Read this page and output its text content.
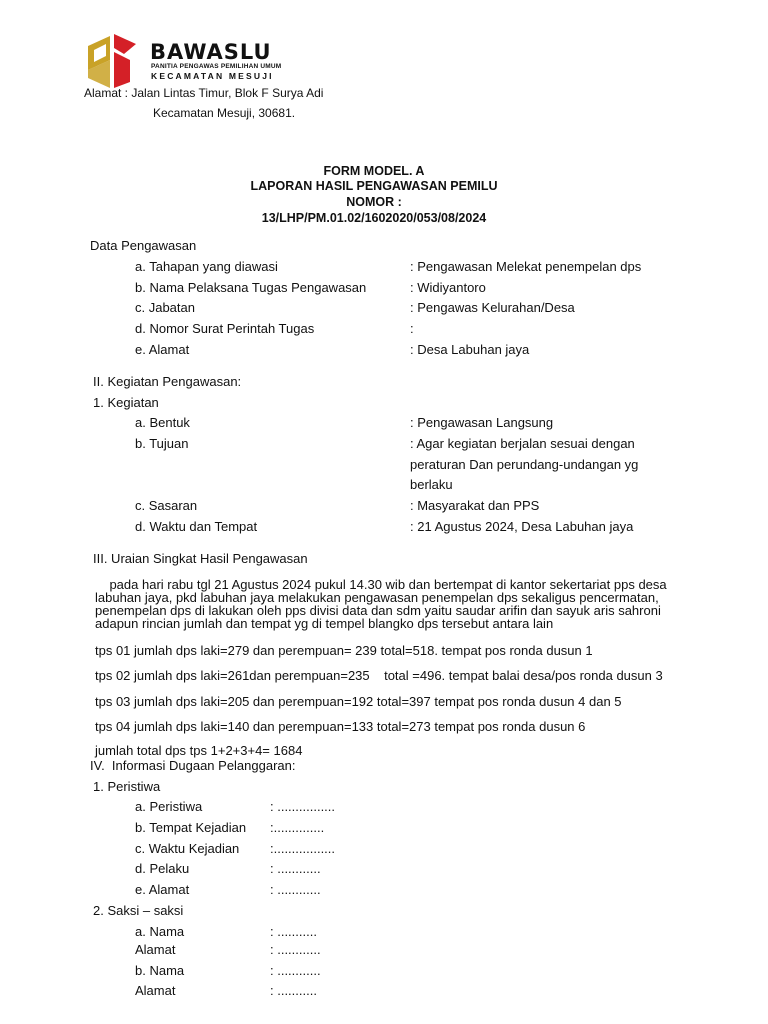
BAWASLU
PANITIA PENGAWAS PEMILIHAN UMUM
KECAMATAN MESUJI
Alamat : Jalan Lintas Timur, Blok F Surya Adi
Kecamatan Mesuji, 30681.
FORM MODEL. A
LAPORAN HASIL PENGAWASAN PEMILU
NOMOR :
13/LHP/PM.01.02/1602020/053/08/2024
Data Pengawasan
a. Tahapan yang diawasi	: Pengawasan Melekat penempelan dps
b. Nama Pelaksana Tugas Pengawasan	: Widiyantoro
c. Jabatan	: Pengawas Kelurahan/Desa
d. Nomor Surat Perintah Tugas	:
e. Alamat	: Desa Labuhan jaya
II. Kegiatan Pengawasan:
1. Kegiatan
a. Bentuk	: Pengawasan Langsung
b. Tujuan	: Agar kegiatan berjalan sesuai dengan
peraturan Dan perundang-undangan yg
berlaku
c. Sasaran	: Masyarakat dan PPS
d. Waktu dan Tempat	: 21 Agustus 2024, Desa Labuhan jaya
III. Uraian Singkat Hasil Pengawasan
pada hari rabu tgl 21 Agustus 2024 pukul 14.30 wib dan bertempat di kantor sekertariat pps desa
labuhan jaya, pkd labuhan jaya melakukan pengawasan penempelan dps sekaligus pencermatan,
penempelan dps di lakukan oleh pps divisi data dan sdm yaitu saudar arifin dan sayuk aris sahroni
adapun rincian jumlah dan tempat yg di tempel blangko dps tersebut antara lain
tps 01 jumlah dps laki=279 dan perempuan= 239 total=518. tempat pos ronda dusun 1
tps 02 jumlah dps laki=261dan perempuan=235    total =496. tempat balai desa/pos ronda dusun 3
tps 03 jumlah dps laki=205 dan perempuan=192 total=397 tempat pos ronda dusun 4 dan 5
tps 04 jumlah dps laki=140 dan perempuan=133 total=273 tempat pos ronda dusun 6
jumlah total dps tps 1+2+3+4= 1684
IV.  Informasi Dugaan Pelanggaran:
1. Peristiwa
a. Peristiwa	: ................
b. Tempat Kejadian :..............
c. Waktu Kejadian :.................
d. Pelaku	: ............
e. Alamat	: ............
2. Saksi – saksi
a. Nama	: ...........
Alamat	: ............
b. Nama	: ............
Alamat	: ...........
